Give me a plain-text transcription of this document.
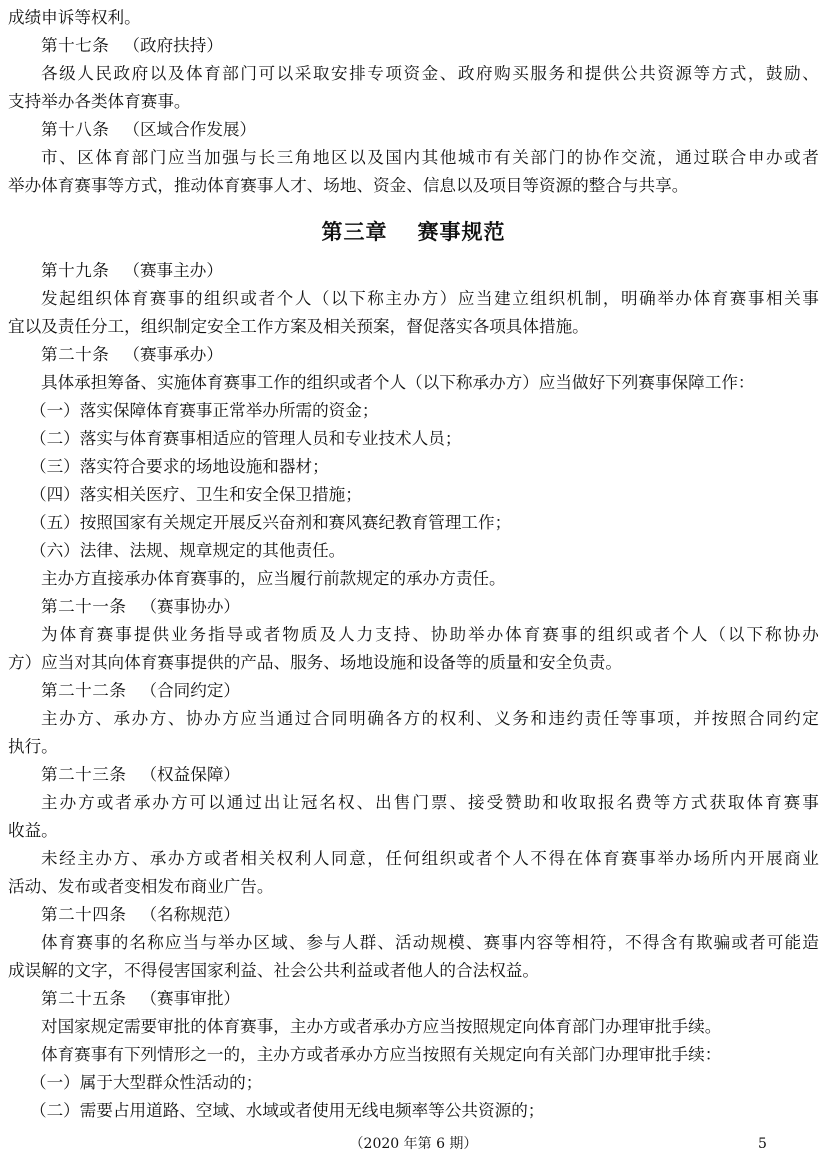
成绩申诉等权利。
第十七条 （政府扶持）
各级人民政府以及体育部门可以采取安排专项资金、政府购买服务和提供公共资源等方式，鼓励、
支持举办各类体育赛事。
第十八条 （区域合作发展）
市、区体育部门应当加强与长三角地区以及国内其他城市有关部门的协作交流，通过联合申办或者
举办体育赛事等方式，推动体育赛事人才、场地、资金、信息以及项目等资源的整合与共享。
第三章 赛事规范
第十九条 （赛事主办）
发起组织体育赛事的组织或者个人（以下称主办方）应当建立组织机制，明确举办体育赛事相关事
宜以及责任分工，组织制定安全工作方案及相关预案，督促落实各项具体措施。
第二十条 （赛事承办）
具体承担筹备、实施体育赛事工作的组织或者个人（以下称承办方）应当做好下列赛事保障工作：
（一）落实保障体育赛事正常举办所需的资金；
（二）落实与体育赛事相适应的管理人员和专业技术人员；
（三）落实符合要求的场地设施和器材；
（四）落实相关医疗、卫生和安全保卫措施；
（五）按照国家有关规定开展反兴奋剂和赛风赛纪教育管理工作；
（六）法律、法规、规章规定的其他责任。
主办方直接承办体育赛事的，应当履行前款规定的承办方责任。
第二十一条 （赛事协办）
为体育赛事提供业务指导或者物质及人力支持、协助举办体育赛事的组织或者个人（以下称协办
方）应当对其向体育赛事提供的产品、服务、场地设施和设备等的质量和安全负责。
第二十二条 （合同约定）
主办方、承办方、协办方应当通过合同明确各方的权利、义务和违约责任等事项，并按照合同约定
执行。
第二十三条 （权益保障）
主办方或者承办方可以通过出让冠名权、出售门票、接受赞助和收取报名费等方式获取体育赛事
收益。
未经主办方、承办方或者相关权利人同意，任何组织或者个人不得在体育赛事举办场所内开展商业
活动、发布或者变相发布商业广告。
第二十四条 （名称规范）
体育赛事的名称应当与举办区域、参与人群、活动规模、赛事内容等相符，不得含有欺骗或者可能造
成误解的文字，不得侵害国家利益、社会公共利益或者他人的合法权益。
第二十五条 （赛事审批）
对国家规定需要审批的体育赛事，主办方或者承办方应当按照规定向体育部门办理审批手续。
体育赛事有下列情形之一的，主办方或者承办方应当按照有关规定向有关部门办理审批手续：
（一）属于大型群众性活动的；
（二）需要占用道路、空域、水域或者使用无线电频率等公共资源的；
（2020 年第 6 期）	5
